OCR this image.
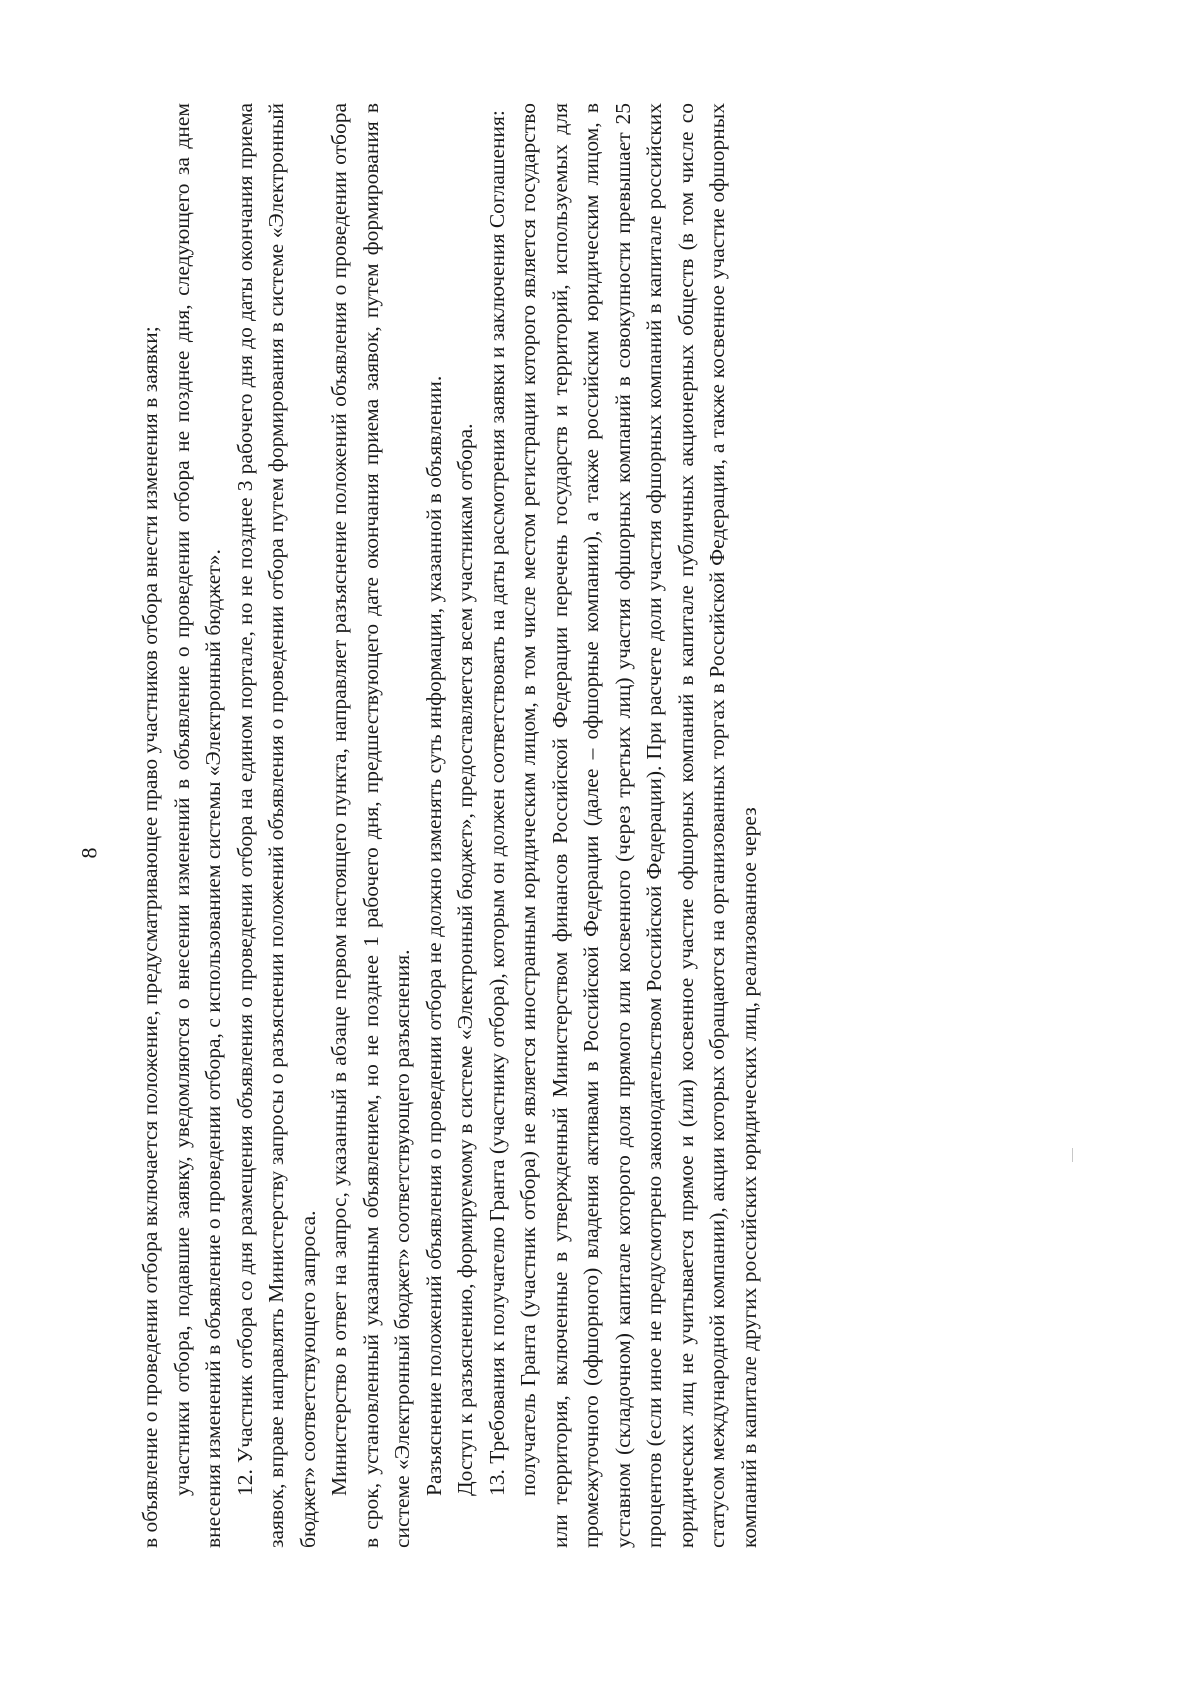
8 в объявление о проведении отбора включается положение, предусматривающее право участников отбора внести изменения в заявки; участники отбора, подавшие заявку, уведомляются о внесении изменений в объявление о проведении отбора не позднее дня, следующего за днем внесения изменений в объявление о проведении отбора, с использованием системы «Электронный бюджет». 12. Участник отбора со дня размещения объявления о проведении отбора на едином портале, но не позднее 3 рабочего дня до даты окончания приема заявок, вправе направлять Министерству запросы о разъяснении положений объявления о проведении отбора путем формирования в системе «Электронный бюджет» соответствующего запроса. Министерство в ответ на запрос, указанный в абзаце первом настоящего пункта, направляет разъяснение положений объявления о проведении отбора в срок, установленный указанным объявлением, но не позднее 1 рабочего дня, предшествующего дате окончания приема заявок, путем формирования в системе «Электронный бюджет» соответствующего разъяснения. Разъяснение положений объявления о проведении отбора не должно изменять суть информации, указанной в объявлении. Доступ к разъяснению, формируемому в системе «Электронный бюджет», предоставляется всем участникам отбора. 13. Требования к получателю Гранта (участнику отбора), которым он должен соответствовать на даты рассмотрения заявки и заключения Соглашения: получатель Гранта (участник отбора) не является иностранным юридическим лицом, в том числе местом регистрации которого является государство или территория, включенные в утвержденный Министерством финансов Российской Федерации перечень государств и территорий, используемых для промежуточного (офшорного) владения активами в Российской Федерации (далее – офшорные компании), а также российским юридическим лицом, в уставном (складочном) капитале которого доля прямого или косвенного (через третьих лиц) участия офшорных компаний в совокупности превышает 25 процентов (если иное не предусмотрено законодательством Российской Федерации). При расчете доли участия офшорных компаний в капитале российских юридических лиц не учитывается прямое и (или) косвенное участие офшорных компаний в капитале публичных акционерных обществ (в том числе со статусом международной компании), акции которых обращаются на организованных торгах в Российской Федерации, а также косвенное участие офшорных компаний в капитале других российских юридических лиц, реализованное через
